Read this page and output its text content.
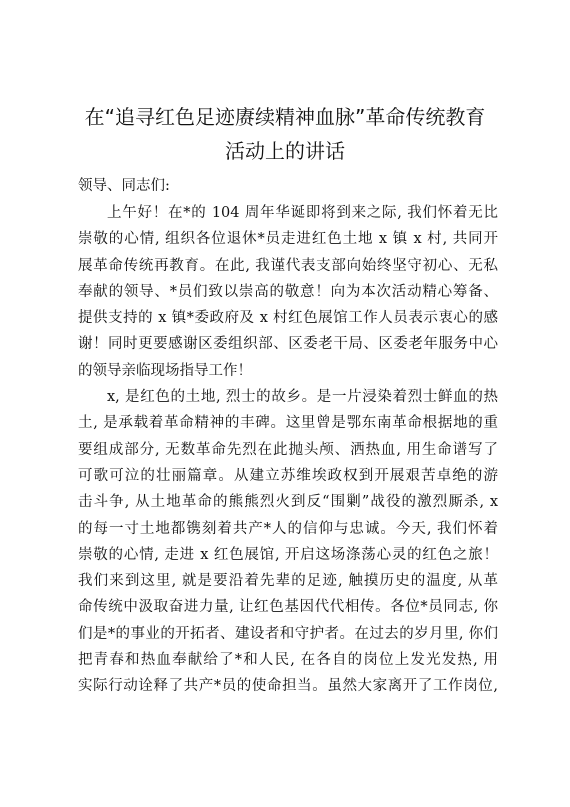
在“追寻红色足迹赓续精神血脉”革命传统教育
活动上的讲话

领导、同志们:

上午好！在*的 104 周年华诞即将到来之际, 我们怀着无比
崇敬的心情, 组织各位退休*员走进红色土地 x 镇 x 村, 共同开
展革命传统再教育。在此, 我谨代表支部向始终坚守初心、无私
奉献的领导、*员们致以崇高的敬意！向为本次活动精心筹备、
提供支持的 x 镇*委政府及 x 村红色展馆工作人员表示衷心的感
谢！同时更要感谢区委组织部、区委老干局、区委老年服务中心
的领导亲临现场指导工作！
x, 是红色的土地, 烈士的故乡。是一片浸染着烈士鲜血的热
土, 是承载着革命精神的丰碑。这里曾是鄂东南革命根据地的重
要组成部分, 无数革命先烈在此抛头颅、洒热血, 用生命谱写了
可歌可泣的壮丽篇章。从建立苏维埃政权到开展艰苦卓绝的游
击斗争, 从土地革命的熊熊烈火到反“围剿”战役的激烈厮杀, x
的每一寸土地都镌刻着共产*人的信仰与忠诚。今天, 我们怀着
崇敬的心情, 走进 x 红色展馆, 开启这场涤荡心灵的红色之旅！
我们来到这里, 就是要沿着先辈的足迹, 触摸历史的温度, 从革
命传统中汲取奋进力量, 让红色基因代代相传。各位*员同志, 你
们是*的事业的开拓者、建设者和守护者。在过去的岁月里, 你们
把青春和热血奉献给了*和人民, 在各自的岗位上发光发热, 用
实际行动诠释了共产*员的使命担当。虽然大家离开了工作岗位,
